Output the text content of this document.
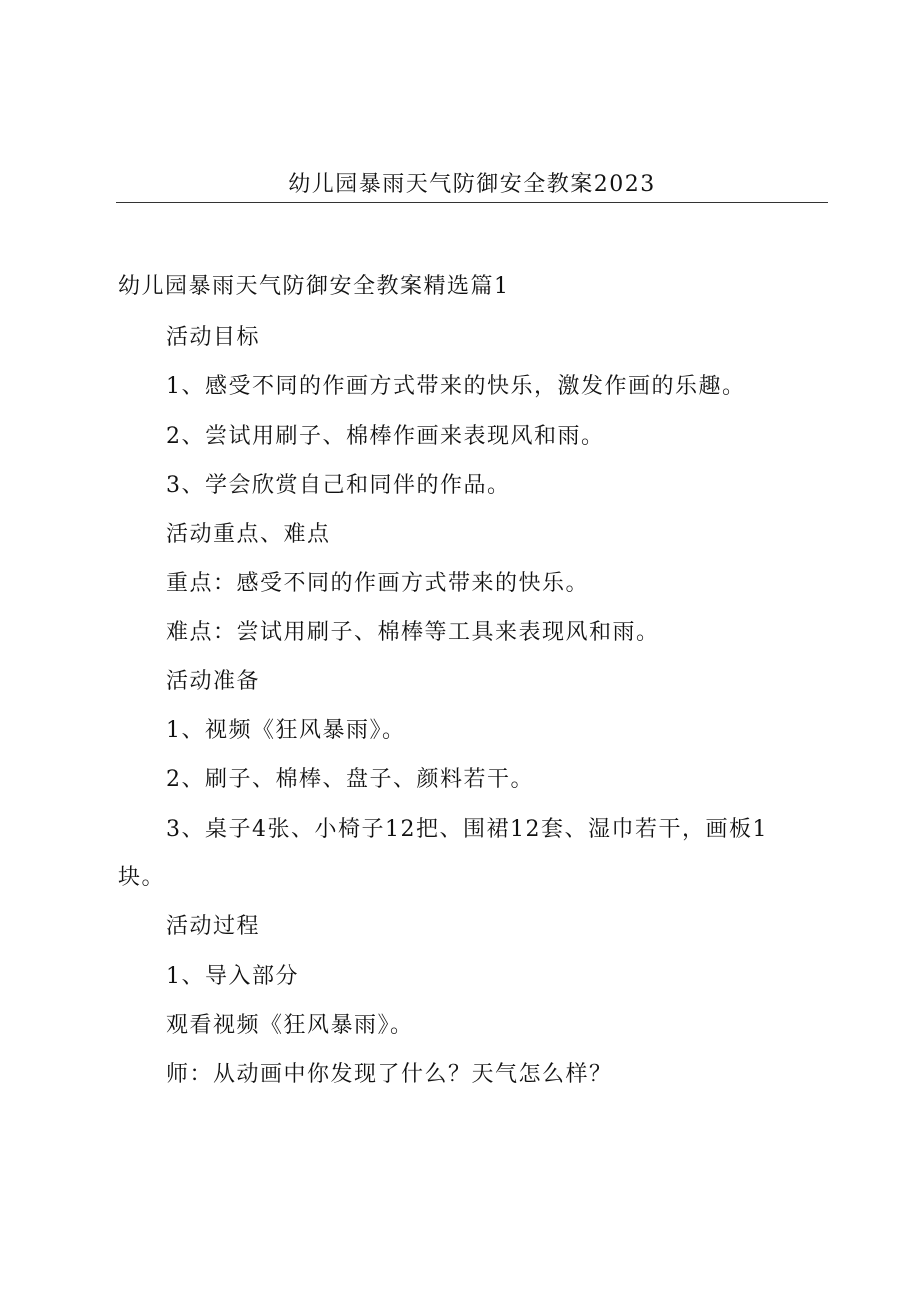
幼儿园暴雨天气防御安全教案2023
幼儿园暴雨天气防御安全教案精选篇1
活动目标
1、感受不同的作画方式带来的快乐，激发作画的乐趣。
2、尝试用刷子、棉棒作画来表现风和雨。
3、学会欣赏自己和同伴的作品。
活动重点、难点
重点：感受不同的作画方式带来的快乐。
难点：尝试用刷子、棉棒等工具来表现风和雨。
活动准备
1、视频《狂风暴雨》。
2、刷子、棉棒、盘子、颜料若干。
3、桌子4张、小椅子12把、围裙12套、湿巾若干，画板1
块。
活动过程
1、导入部分
观看视频《狂风暴雨》。
师：从动画中你发现了什么？天气怎么样？
